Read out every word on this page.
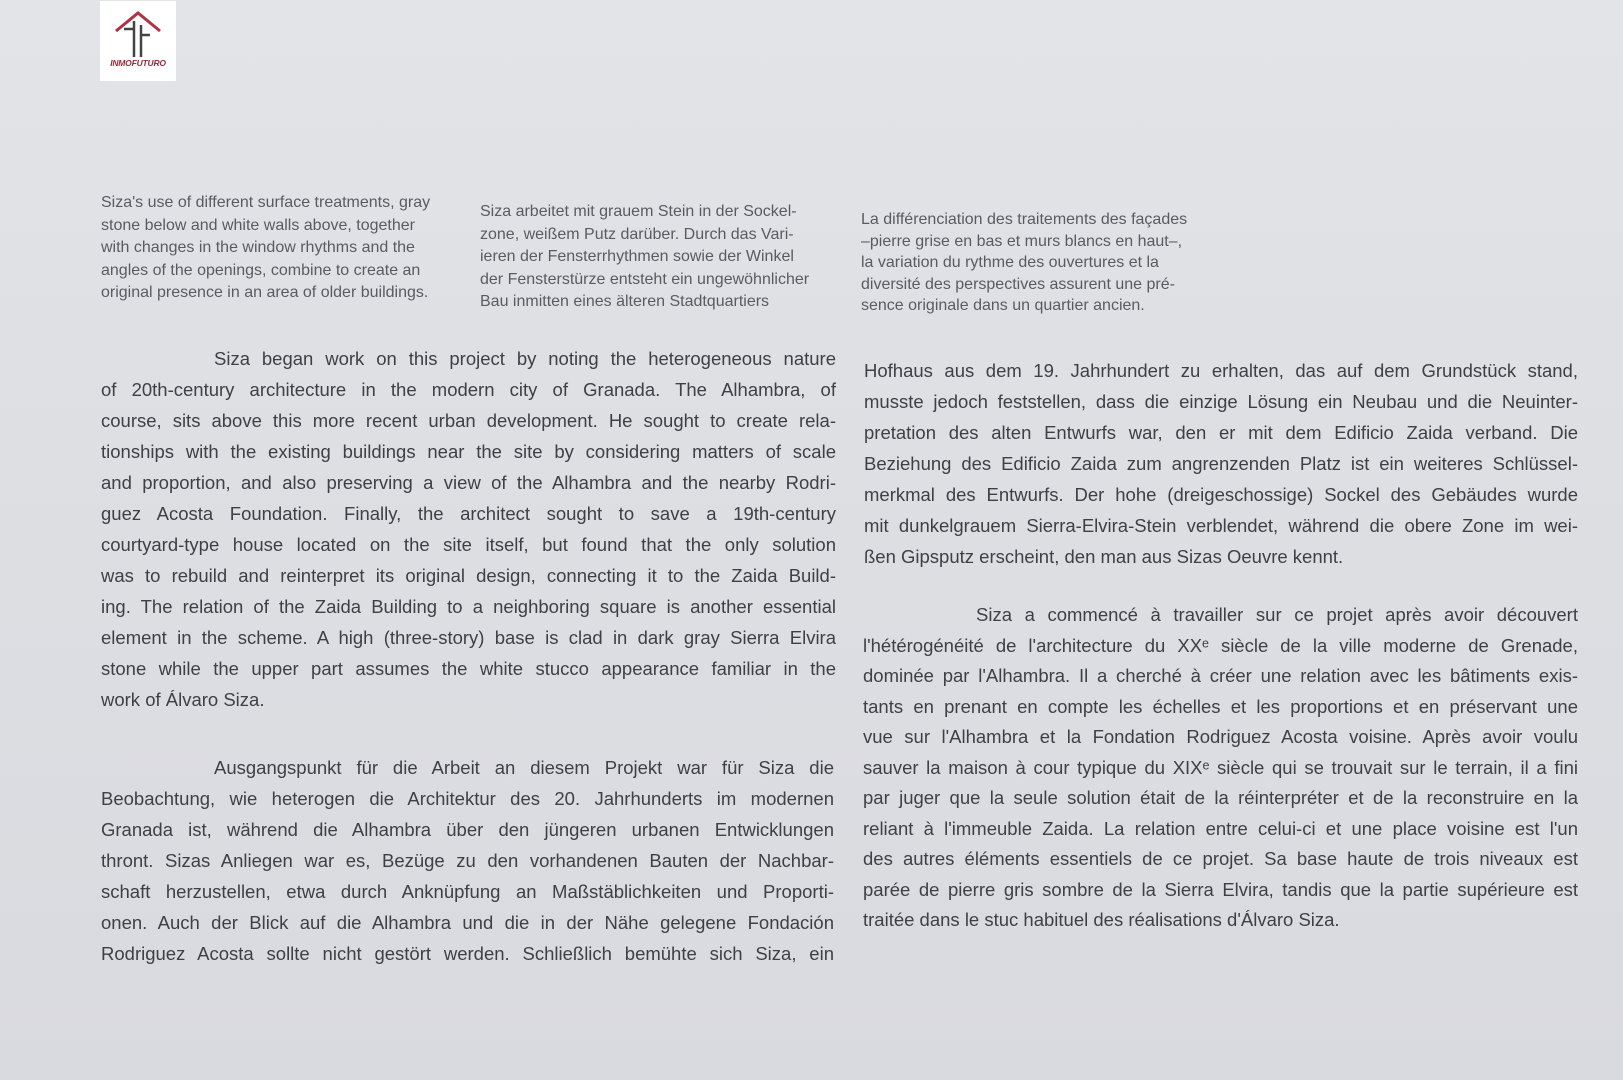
INMOFUTURO
Siza's use of different surface treatments, gray
stone below and white walls above, together
with changes in the window rhythms and the
angles of the openings, combine to create an
original presence in an area of older buildings.
Siza arbeitet mit grauem Stein in der Sockel-
zone, weißem Putz darüber. Durch das Vari-
ieren der Fensterrhythmen sowie der Winkel
der Fensterstürze entsteht ein ungewöhnlicher
Bau inmitten eines älteren Stadtquartiers
La différenciation des traitements des façades
–pierre grise en bas et murs blancs en haut–,
la variation du rythme des ouvertures et la
diversité des perspectives assurent une pré-
sence originale dans un quartier ancien.
Siza began work on this project by noting the heterogeneous nature
of 20th-century architecture in the modern city of Granada. The Alhambra, of
course, sits above this more recent urban development. He sought to create rela-
tionships with the existing buildings near the site by considering matters of scale
and proportion, and also preserving a view of the Alhambra and the nearby Rodri-
guez Acosta Foundation. Finally, the architect sought to save a 19th-century
courtyard-type house located on the site itself, but found that the only solution
was to rebuild and reinterpret its original design, connecting it to the Zaida Build-
ing. The relation of the Zaida Building to a neighboring square is another essential
element in the scheme. A high (three-story) base is clad in dark gray Sierra Elvira
stone while the upper part assumes the white stucco appearance familiar in the
work of Álvaro Siza.
Ausgangspunkt für die Arbeit an diesem Projekt war für Siza die
Beobachtung, wie heterogen die Architektur des 20. Jahrhunderts im modernen
Granada ist, während die Alhambra über den jüngeren urbanen Entwicklungen
thront. Sizas Anliegen war es, Bezüge zu den vorhandenen Bauten der Nachbar-
schaft herzustellen, etwa durch Anknüpfung an Maßstäblichkeiten und Proporti-
onen. Auch der Blick auf die Alhambra und die in der Nähe gelegene Fondación
Rodriguez Acosta sollte nicht gestört werden. Schließlich bemühte sich Siza, ein
Hofhaus aus dem 19. Jahrhundert zu erhalten, das auf dem Grundstück stand,
musste jedoch feststellen, dass die einzige Lösung ein Neubau und die Neuinter-
pretation des alten Entwurfs war, den er mit dem Edificio Zaida verband. Die
Beziehung des Edificio Zaida zum angrenzenden Platz ist ein weiteres Schlüssel-
merkmal des Entwurfs. Der hohe (dreigeschossige) Sockel des Gebäudes wurde
mit dunkelgrauem Sierra-Elvira-Stein verblendet, während die obere Zone im wei-
ßen Gipsputz erscheint, den man aus Sizas Oeuvre kennt.
Siza a commencé à travailler sur ce projet après avoir découvert
l'hétérogénéité de l'architecture du XXᵉ siècle de la ville moderne de Grenade,
dominée par l'Alhambra. Il a cherché à créer une relation avec les bâtiments exis-
tants en prenant en compte les échelles et les proportions et en préservant une
vue sur l'Alhambra et la Fondation Rodriguez Acosta voisine. Après avoir voulu
sauver la maison à cour typique du XIXᵉ siècle qui se trouvait sur le terrain, il a fini
par juger que la seule solution était de la réinterpréter et de la reconstruire en la
reliant à l'immeuble Zaida. La relation entre celui-ci et une place voisine est l'un
des autres éléments essentiels de ce projet. Sa base haute de trois niveaux est
parée de pierre gris sombre de la Sierra Elvira, tandis que la partie supérieure est
traitée dans le stuc habituel des réalisations d'Álvaro Siza.
